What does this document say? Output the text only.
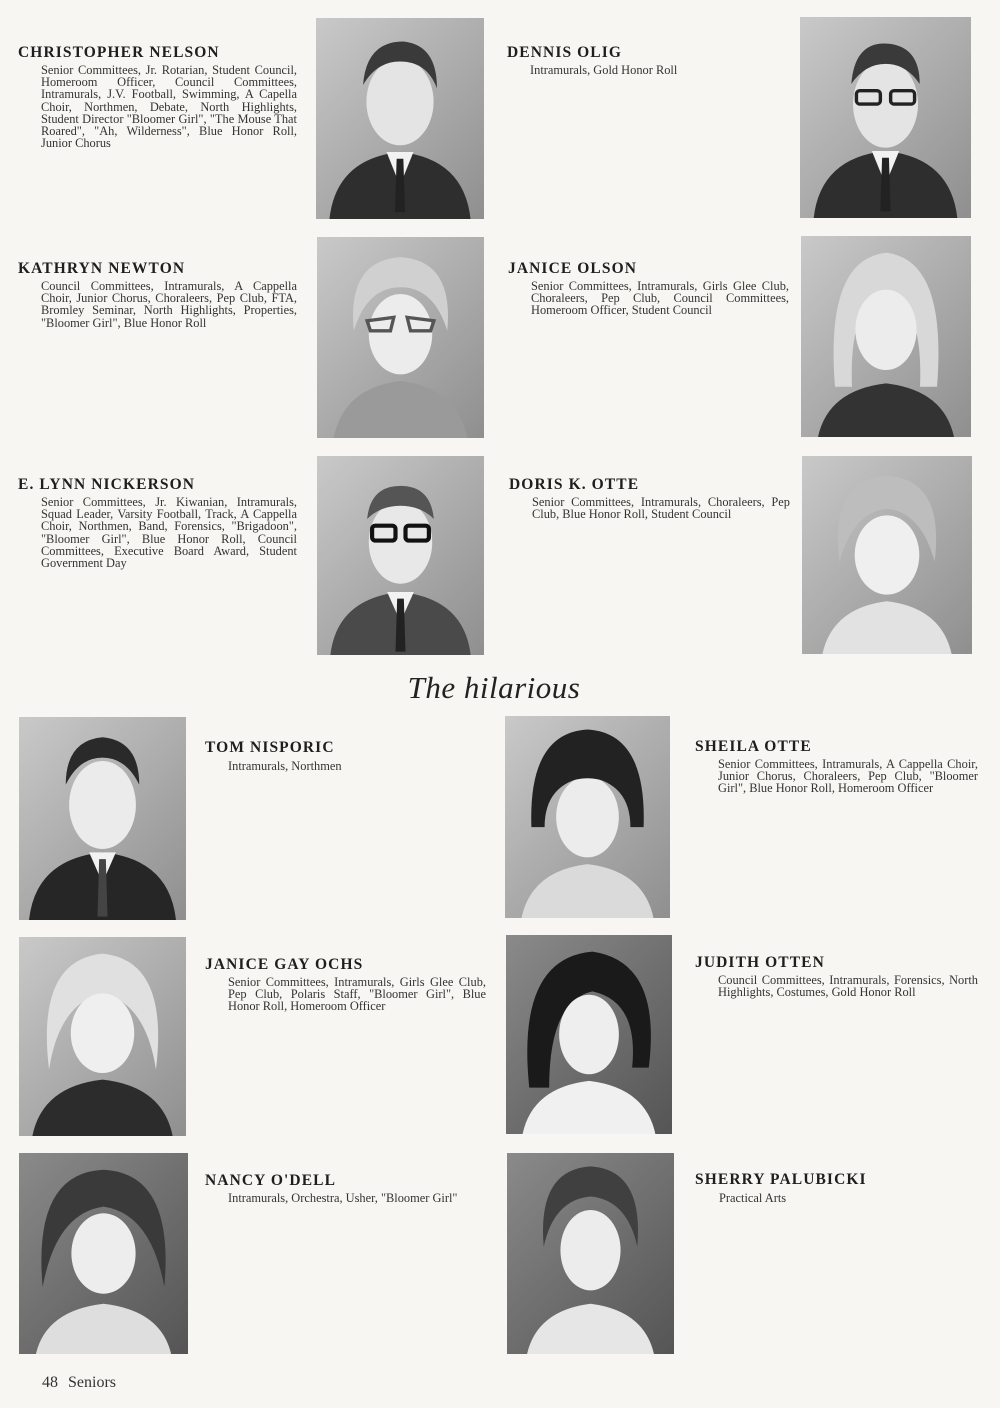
CHRISTOPHER NELSON
Senior Committees, Jr. Rotarian, Student Council, Homeroom Officer, Council Committees, Intramurals, J.V. Football, Swimming, A Capella Choir, Northmen, Debate, North Highlights, Student Director "Bloomer Girl", "The Mouse That Roared", "Ah, Wilderness", Blue Honor Roll, Junior Chorus
DENNIS OLIG
Intramurals, Gold Honor Roll
KATHRYN NEWTON
Council Committees, Intramurals, A Cappella Choir, Junior Chorus, Choraleers, Pep Club, FTA, Bromley Seminar, North Highlights, Properties, "Bloomer Girl", Blue Honor Roll
JANICE OLSON
Senior Committees, Intramurals, Girls Glee Club, Choraleers, Pep Club, Council Committees, Homeroom Officer, Student Council
E. LYNN NICKERSON
Senior Committees, Jr. Kiwanian, Intramurals, Squad Leader, Varsity Football, Track, A Cappella Choir, Northmen, Band, Forensics, "Brigadoon", "Bloomer Girl", Blue Honor Roll, Council Committees, Executive Board Award, Student Government Day
DORIS K. OTTE
Senior Committees, Intramurals, Choraleers, Pep Club, Blue Honor Roll, Student Council
The hilarious
TOM NISPORIC
Intramurals, Northmen
SHEILA OTTE
Senior Committees, Intramurals, A Cappella Choir, Junior Chorus, Choraleers, Pep Club, "Bloomer Girl", Blue Honor Roll, Homeroom Officer
JANICE GAY OCHS
Senior Committees, Intramurals, Girls Glee Club, Pep Club, Polaris Staff, "Bloomer Girl", Blue Honor Roll, Homeroom Officer
JUDITH OTTEN
Council Committees, Intramurals, Forensics, North Highlights, Costumes, Gold Honor Roll
NANCY O'DELL
Intramurals, Orchestra, Usher, "Bloomer Girl"
SHERRY PALUBICKI
Practical Arts
48 Seniors
